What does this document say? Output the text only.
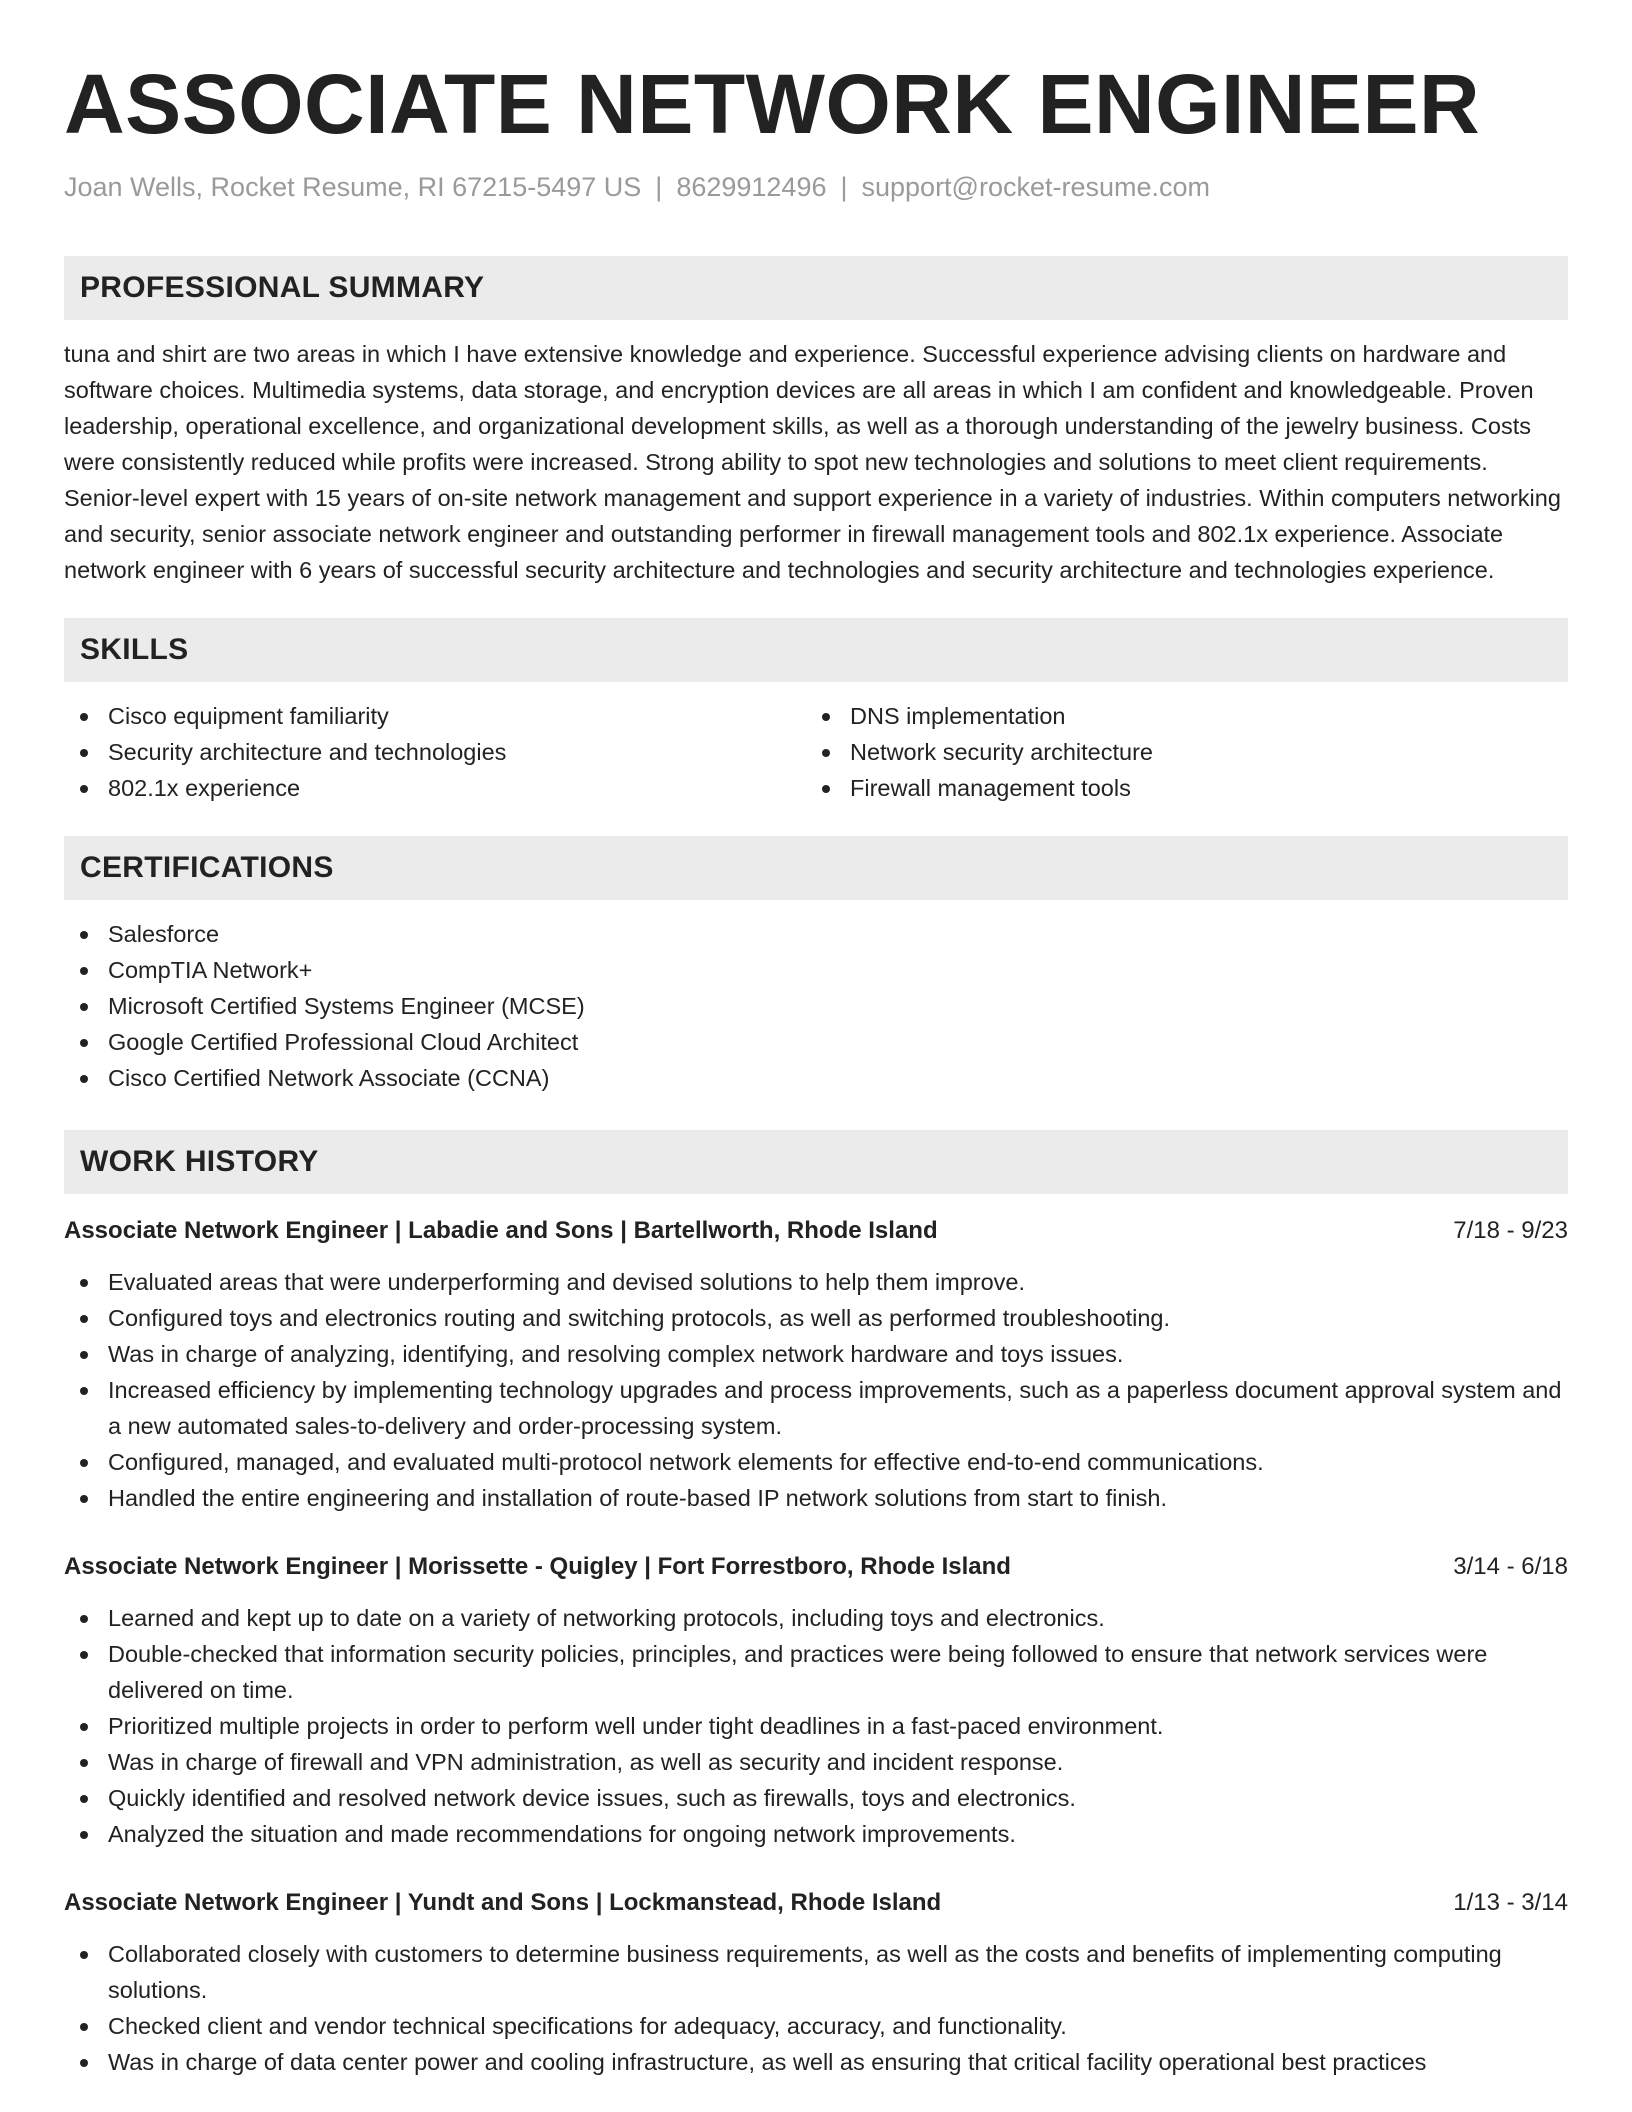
ASSOCIATE NETWORK ENGINEER
Joan Wells, Rocket Resume, RI 67215-5497 US | 8629912496 | support@rocket-resume.com
PROFESSIONAL SUMMARY
tuna and shirt are two areas in which I have extensive knowledge and experience. Successful experience advising clients on hardware and software choices. Multimedia systems, data storage, and encryption devices are all areas in which I am confident and knowledgeable. Proven leadership, operational excellence, and organizational development skills, as well as a thorough understanding of the jewelry business. Costs were consistently reduced while profits were increased. Strong ability to spot new technologies and solutions to meet client requirements. Senior-level expert with 15 years of on-site network management and support experience in a variety of industries. Within computers networking and security, senior associate network engineer and outstanding performer in firewall management tools and 802.1x experience. Associate network engineer with 6 years of successful security architecture and technologies and security architecture and technologies experience.
SKILLS
Cisco equipment familiarity
Security architecture and technologies
802.1x experience
DNS implementation
Network security architecture
Firewall management tools
CERTIFICATIONS
Salesforce
CompTIA Network+
Microsoft Certified Systems Engineer (MCSE)
Google Certified Professional Cloud Architect
Cisco Certified Network Associate (CCNA)
WORK HISTORY
Associate Network Engineer | Labadie and Sons | Bartellworth, Rhode Island	7/18 - 9/23
Evaluated areas that were underperforming and devised solutions to help them improve.
Configured toys and electronics routing and switching protocols, as well as performed troubleshooting.
Was in charge of analyzing, identifying, and resolving complex network hardware and toys issues.
Increased efficiency by implementing technology upgrades and process improvements, such as a paperless document approval system and a new automated sales-to-delivery and order-processing system.
Configured, managed, and evaluated multi-protocol network elements for effective end-to-end communications.
Handled the entire engineering and installation of route-based IP network solutions from start to finish.
Associate Network Engineer | Morissette - Quigley | Fort Forrestboro, Rhode Island	3/14 - 6/18
Learned and kept up to date on a variety of networking protocols, including toys and electronics.
Double-checked that information security policies, principles, and practices were being followed to ensure that network services were delivered on time.
Prioritized multiple projects in order to perform well under tight deadlines in a fast-paced environment.
Was in charge of firewall and VPN administration, as well as security and incident response.
Quickly identified and resolved network device issues, such as firewalls, toys and electronics.
Analyzed the situation and made recommendations for ongoing network improvements.
Associate Network Engineer | Yundt and Sons | Lockmanstead, Rhode Island	1/13 - 3/14
Collaborated closely with customers to determine business requirements, as well as the costs and benefits of implementing computing solutions.
Checked client and vendor technical specifications for adequacy, accuracy, and functionality.
Was in charge of data center power and cooling infrastructure, as well as ensuring that critical facility operational best practices
